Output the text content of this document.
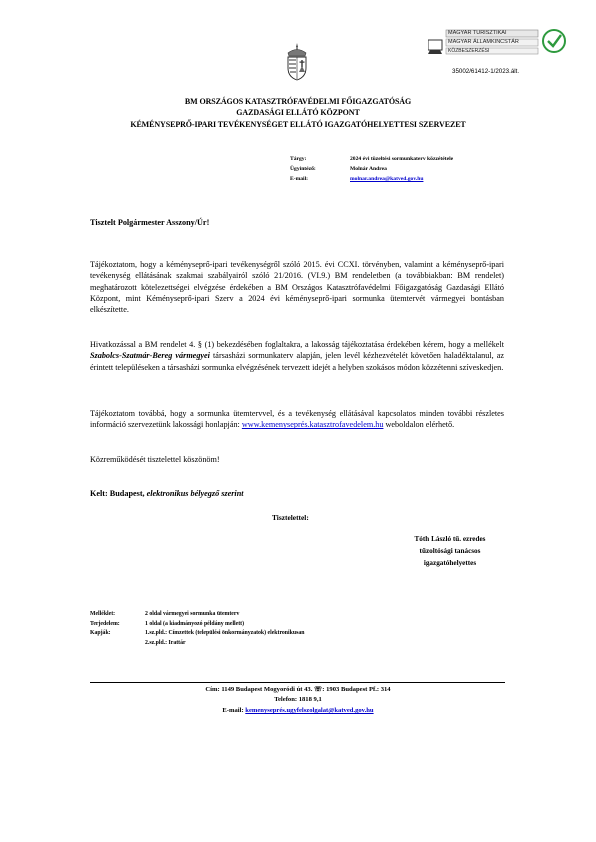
MAGYAR TURISZTIKAI
MAGYAR ÁLLAMKINCSTÁR
KÖZBESZERZÉSI
35002/61412-1/2023.ált.
BM ORSZÁGOS KATASZTRÓFAVÉDELMI FŐIGAZGATÓSÁG
GAZDASÁGI ELLÁTÓ KÖZPONT
KÉMÉNYSEPRŐ-IPARI TEVÉKENYSÉGET ELLÁTÓ IGAZGATÓHELYETTESI SZERVEZET
Tárgy:	2024 évi tüzeltési sormunkaterv közzététele
Ügyintéző:	Molnár Andrea
E-mail:	molnar.andrea@katved.gov.hu
Tisztelt Polgármester Asszony/Úr!
Tájékoztatom, hogy a kéményseprő-ipari tevékenységről szóló 2015. évi CCXI. törvényben, valamint a kéményseprő-ipari tevékenység ellátásának szakmai szabályairól szóló 21/2016. (VI.9.) BM rendeletben (a továbbiakban: BM rendelet) meghatározott kötelezettségei elvégzése érdekében a BM Országos Katasztrófavédelmi Főigazgatóság Gazdasági Ellátó Központ, mint Kéményseprő-ipari Szerv a 2024 évi kéményseprő-ipari sormunka ütemtervét vármegyei bontásban elkészítette.
Hivatkozással a BM rendelet 4. § (1) bekezdésében foglaltakra, a lakosság tájékoztatása érdekében kérem, hogy a mellékelt Szabolcs-Szatmár-Bereg vármegyei társasházi sormunkaterv alapján, jelen levél kézhezvételét követően haladéktalanul, az érintett településeken a társasházi sormunka elvégzésének tervezett idejét a helyben szokásos módon közzétenni szíveskedjen.
Tájékoztatom továbbá, hogy a sormunka ütemtervvel, és a tevékenység ellátásával kapcsolatos minden további részletes információ szervezetünk lakossági honlapján: www.kemenyseprés.katasztrofavedelem.hu weboldalon elérhető.
Közreműködését tisztelettel köszönöm!
Kelt: Budapest, elektronikus bélyegző szerint
Tisztelettel:
Tóth László tű. ezredes
tűzoltósági tanácsos
igazgatóhelyettes
Melléklet:	2 oldal vármegyei sormunka ütemterv
Terjedelem:	1 oldal (a kiadmányozó példány mellett)
Kapják:	1.sz.pld.: Címzettek (települési önkormányzatok) elektronikusan
2.sz.pld.: Irattár
Cím: 1149 Budapest Mogyoródi út 43. ☏: 1903 Budapest Pf.: 314
Telefon: 1818 9,1
E-mail: kemenyseprés.ugyfelszolgalat@katved.gov.hu
